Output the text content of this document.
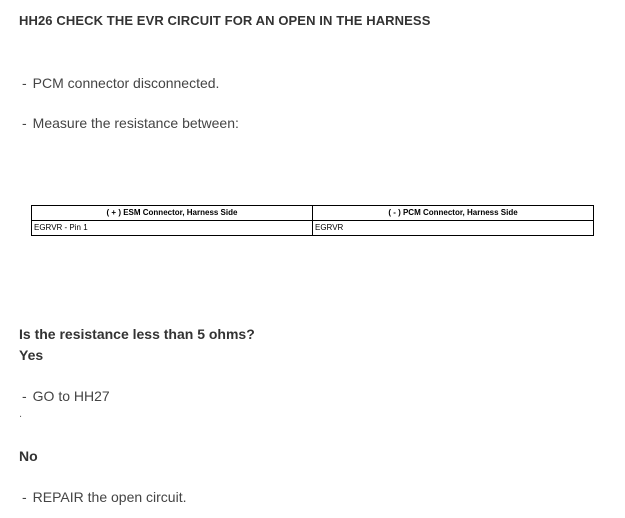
HH26 CHECK THE EVR CIRCUIT FOR AN OPEN IN THE HARNESS
- PCM connector disconnected.
- Measure the resistance between:
( + ) ESM Connector, Harness Side	( - ) PCM Connector, Harness Side
EGRVR - Pin 1	EGRVR
Is the resistance less than 5 ohms?
Yes
- GO to HH27
.
No
- REPAIR the open circuit.
